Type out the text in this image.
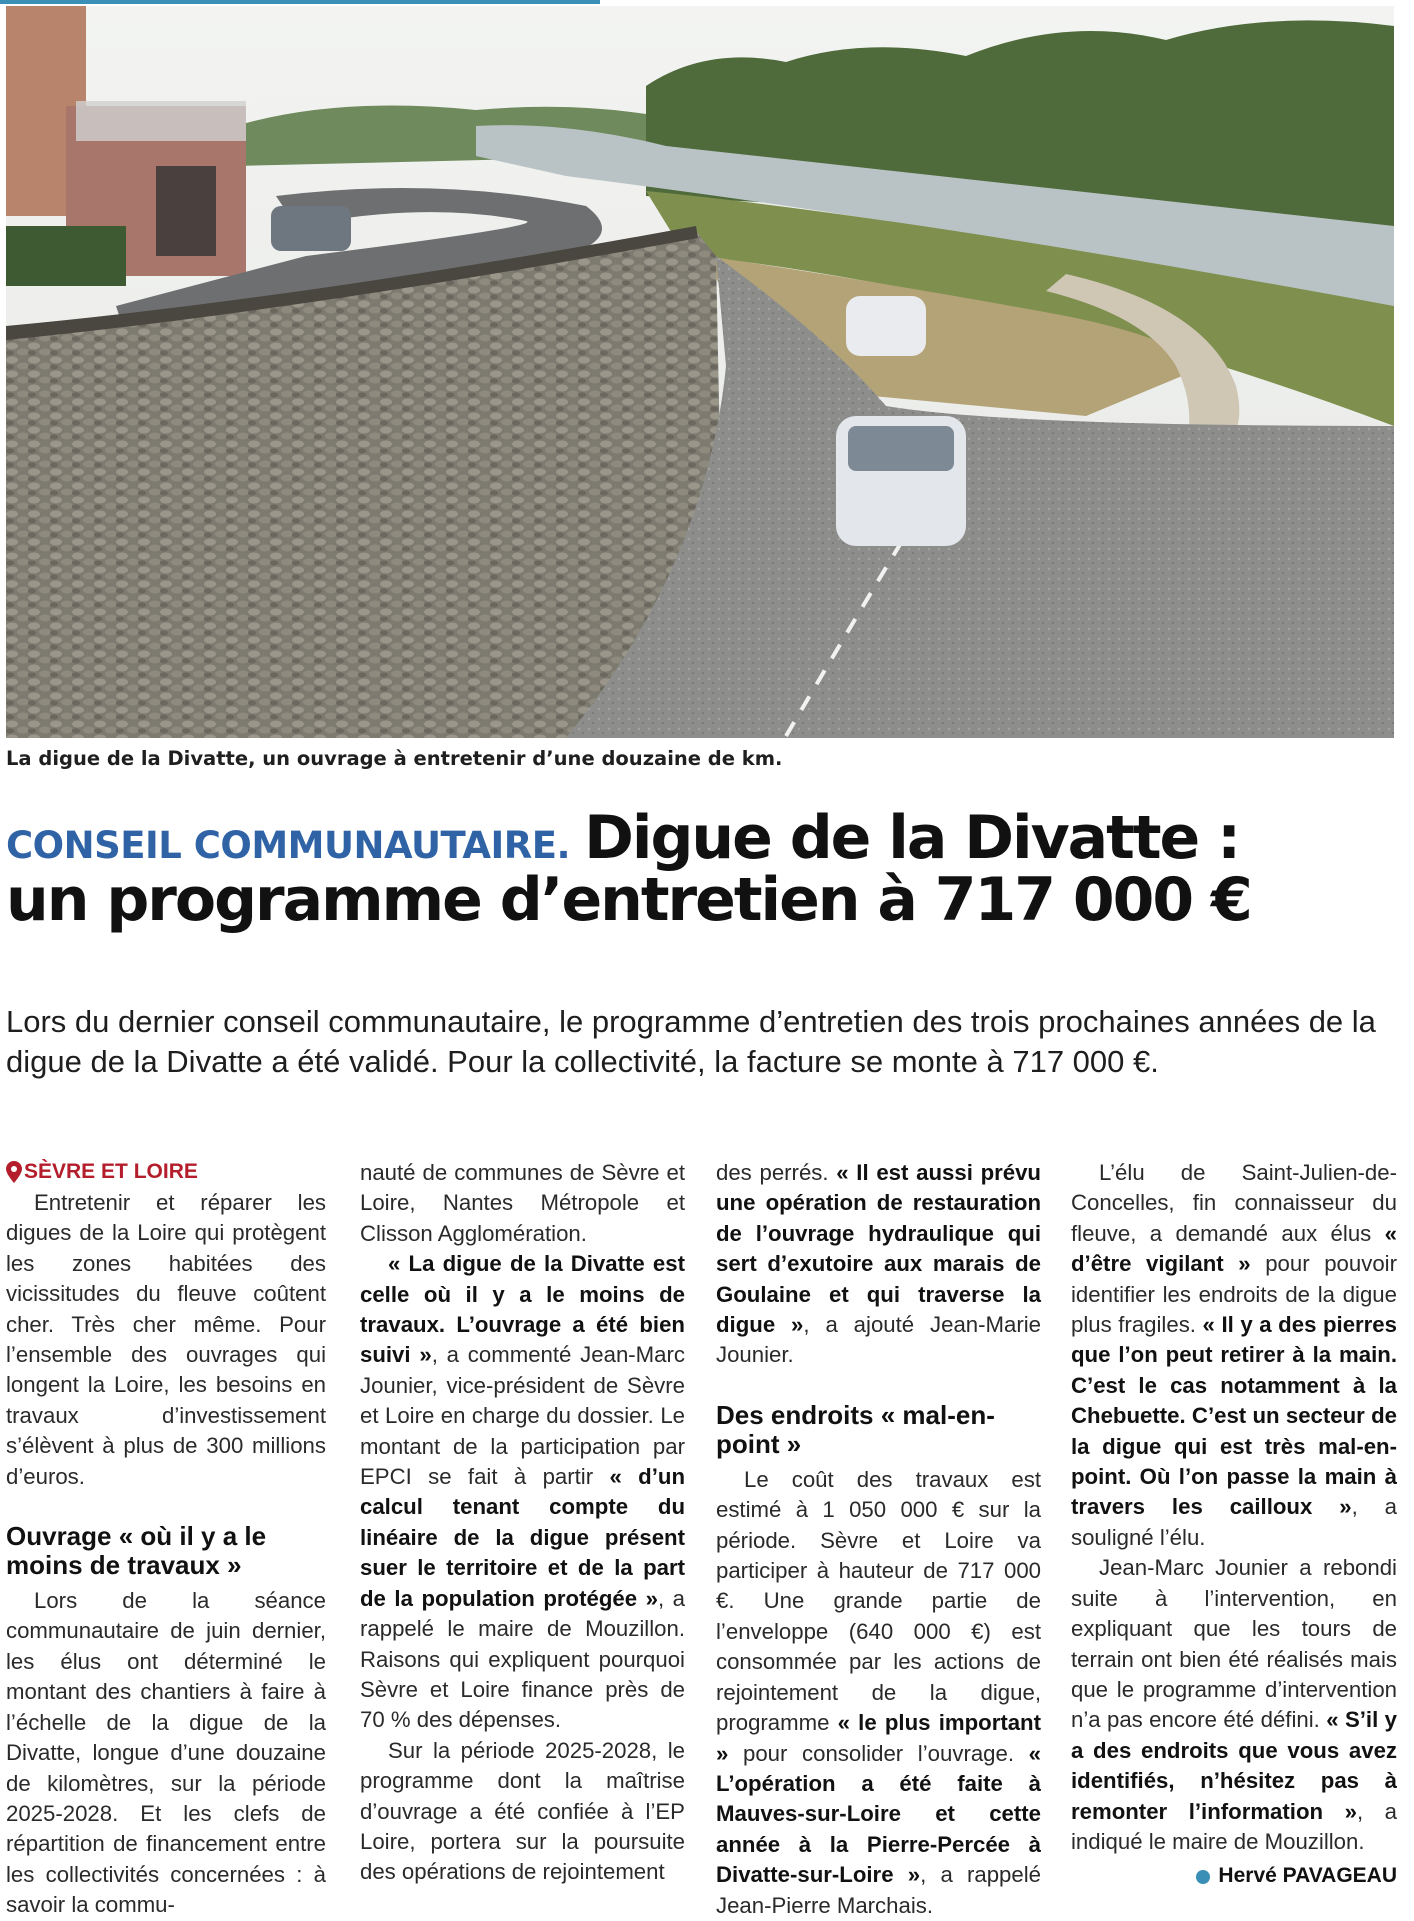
La digue de la Divatte, un ouvrage à entretenir d’une douzaine de km.
CONSEIL COMMUNAUTAIRE. Digue de la Divatte :
un programme d’entretien à 717 000 €
Lors du dernier conseil communautaire, le programme d’entretien des trois prochaines années de la digue de la Divatte a été validé. Pour la collectivité, la facture se monte à 717 000 €.
SÈVRE ET LOIRE

Entretenir et réparer les digues de la Loire qui protègent les zones habitées des vicissitudes du fleuve coûtent cher. Très cher même. Pour l’ensemble des ouvrages qui longent la Loire, les besoins en travaux d’investissement s’élèvent à plus de 300 millions d’euros.

Ouvrage « où il y a le moins de travaux »

Lors de la séance communautaire de juin dernier, les élus ont déterminé le montant des chantiers à faire à l’échelle de la digue de la Divatte, longue d’une douzaine de kilomètres, sur la période 2025-2028. Et les clefs de répartition de financement entre les collectivités concernées : à savoir la commu-

nauté de communes de Sèvre et Loire, Nantes Métropole et Clisson Agglomération.

« La digue de la Divatte est celle où il y a le moins de travaux. L’ouvrage a été bien suivi », a commenté Jean-Marc Jounier, vice-président de Sèvre et Loire en charge du dossier. Le montant de la participation par EPCI se fait à partir « d’un calcul tenant compte du linéaire de la digue présent suer le territoire et de la part de la population protégée », a rappelé le maire de Mouzillon. Raisons qui expliquent pourquoi Sèvre et Loire finance près de 70 % des dépenses.

Sur la période 2025-2028, le programme dont la maîtrise d’ouvrage a été confiée à l’EP Loire, portera sur la poursuite des opérations de rejointement

des perrés. « Il est aussi prévu une opération de restauration de l’ouvrage hydraulique qui sert d’exutoire aux marais de Goulaine et qui traverse la digue », a ajouté Jean-Marie Jounier.

Des endroits « mal-en-point »

Le coût des travaux est estimé à 1 050 000 € sur la période. Sèvre et Loire va participer à hauteur de 717 000 €. Une grande partie de l’enveloppe (640 000 €) est consommée par les actions de rejointement de la digue, programme « le plus important » pour consolider l’ouvrage. « L’opération a été faite à Mauves-sur-Loire et cette année à la Pierre-Percée à Divatte-sur-Loire », a rappelé Jean-Pierre Marchais.

L’élu de Saint-Julien-de-Concelles, fin connaisseur du fleuve, a demandé aux élus « d’être vigilant » pour pouvoir identifier les endroits de la digue plus fragiles. « Il y a des pierres que l’on peut retirer à la main. C’est le cas notamment à la Chebuette. C’est un secteur de la digue qui est très mal-en-point. Où l’on passe la main à travers les cailloux », a souligné l’élu.

Jean-Marc Jounier a rebondi suite à l’intervention, en expliquant que les tours de terrain ont bien été réalisés mais que le programme d’intervention n’a pas encore été défini. « S’il y a des endroits que vous avez identifiés, n’hésitez pas à remonter l’information », a indiqué le maire de Mouzillon.

Hervé
PAVAGEAU
